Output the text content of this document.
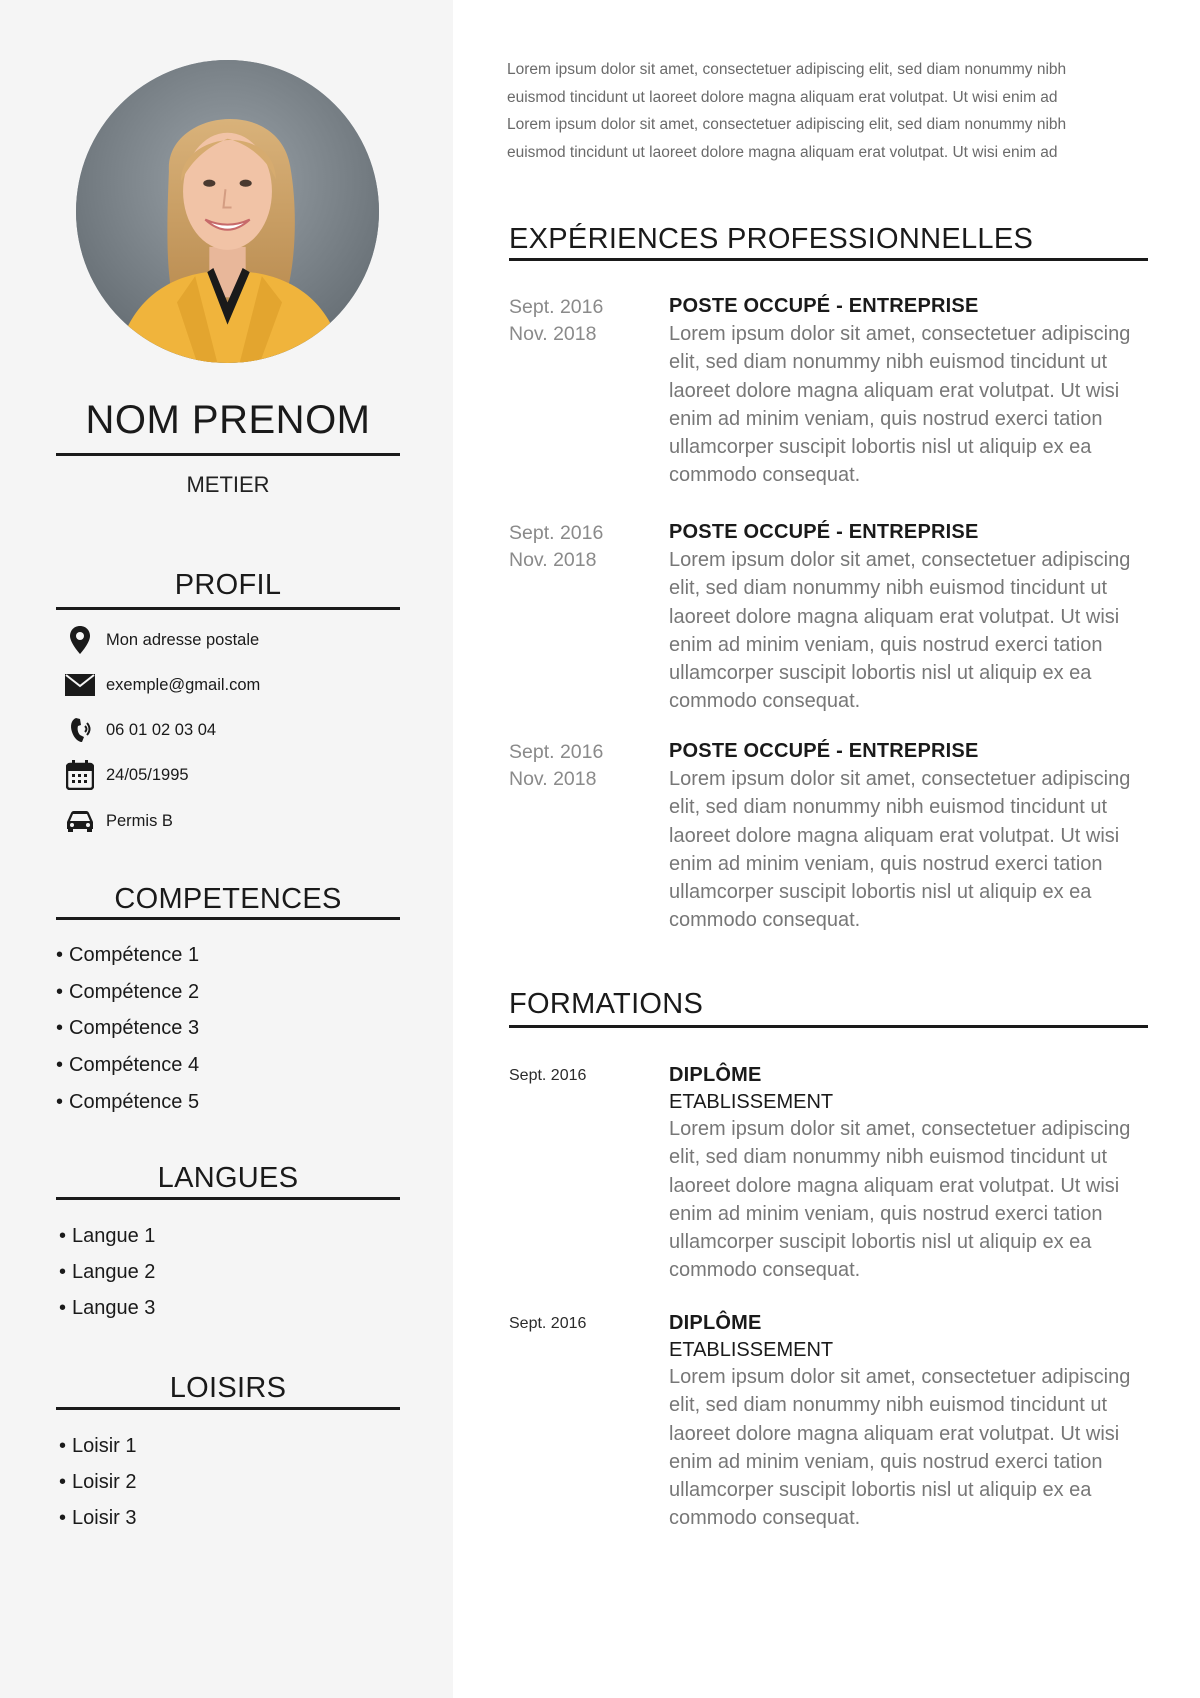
NOM PRENOM
METIER
PROFIL
Mon adresse postale
exemple@gmail.com
06 01 02 03 04
24/05/1995
Permis B
COMPETENCES
• Compétence 1
• Compétence 2
• Compétence 3
• Compétence 4
• Compétence 5
LANGUES
• Langue 1
• Langue 2
• Langue 3
LOISIRS
• Loisir 1
• Loisir 2
• Loisir 3
Lorem ipsum dolor sit amet, consectetuer adipiscing elit, sed diam nonummy nibh
euismod tincidunt ut laoreet dolore magna aliquam erat volutpat. Ut wisi enim ad
Lorem ipsum dolor sit amet, consectetuer adipiscing elit, sed diam nonummy nibh
euismod tincidunt ut laoreet dolore magna aliquam erat volutpat. Ut wisi enim ad
EXPÉRIENCES PROFESSIONNELLES
Sept. 2016
Nov. 2018
POSTE OCCUPÉ - ENTREPRISE
Lorem ipsum dolor sit amet, consectetuer adipiscing
elit, sed diam nonummy nibh euismod tincidunt ut
laoreet dolore magna aliquam erat volutpat. Ut wisi
enim ad minim veniam, quis nostrud exerci tation
ullamcorper suscipit lobortis nisl ut aliquip ex ea
commodo consequat.
Sept. 2016
Nov. 2018
POSTE OCCUPÉ - ENTREPRISE
Lorem ipsum dolor sit amet, consectetuer adipiscing
elit, sed diam nonummy nibh euismod tincidunt ut
laoreet dolore magna aliquam erat volutpat. Ut wisi
enim ad minim veniam, quis nostrud exerci tation
ullamcorper suscipit lobortis nisl ut aliquip ex ea
commodo consequat.
Sept. 2016
Nov. 2018
POSTE OCCUPÉ - ENTREPRISE
Lorem ipsum dolor sit amet, consectetuer adipiscing
elit, sed diam nonummy nibh euismod tincidunt ut
laoreet dolore magna aliquam erat volutpat. Ut wisi
enim ad minim veniam, quis nostrud exerci tation
ullamcorper suscipit lobortis nisl ut aliquip ex ea
commodo consequat.
FORMATIONS
Sept. 2016	DIPLÔME
ETABLISSEMENT
Lorem ipsum dolor sit amet, consectetuer adipiscing
elit, sed diam nonummy nibh euismod tincidunt ut
laoreet dolore magna aliquam erat volutpat. Ut wisi
enim ad minim veniam, quis nostrud exerci tation
ullamcorper suscipit lobortis nisl ut aliquip ex ea
commodo consequat.
Sept. 2016	DIPLÔME
ETABLISSEMENT
Lorem ipsum dolor sit amet, consectetuer adipiscing
elit, sed diam nonummy nibh euismod tincidunt ut
laoreet dolore magna aliquam erat volutpat. Ut wisi
enim ad minim veniam, quis nostrud exerci tation
ullamcorper suscipit lobortis nisl ut aliquip ex ea
commodo consequat.
